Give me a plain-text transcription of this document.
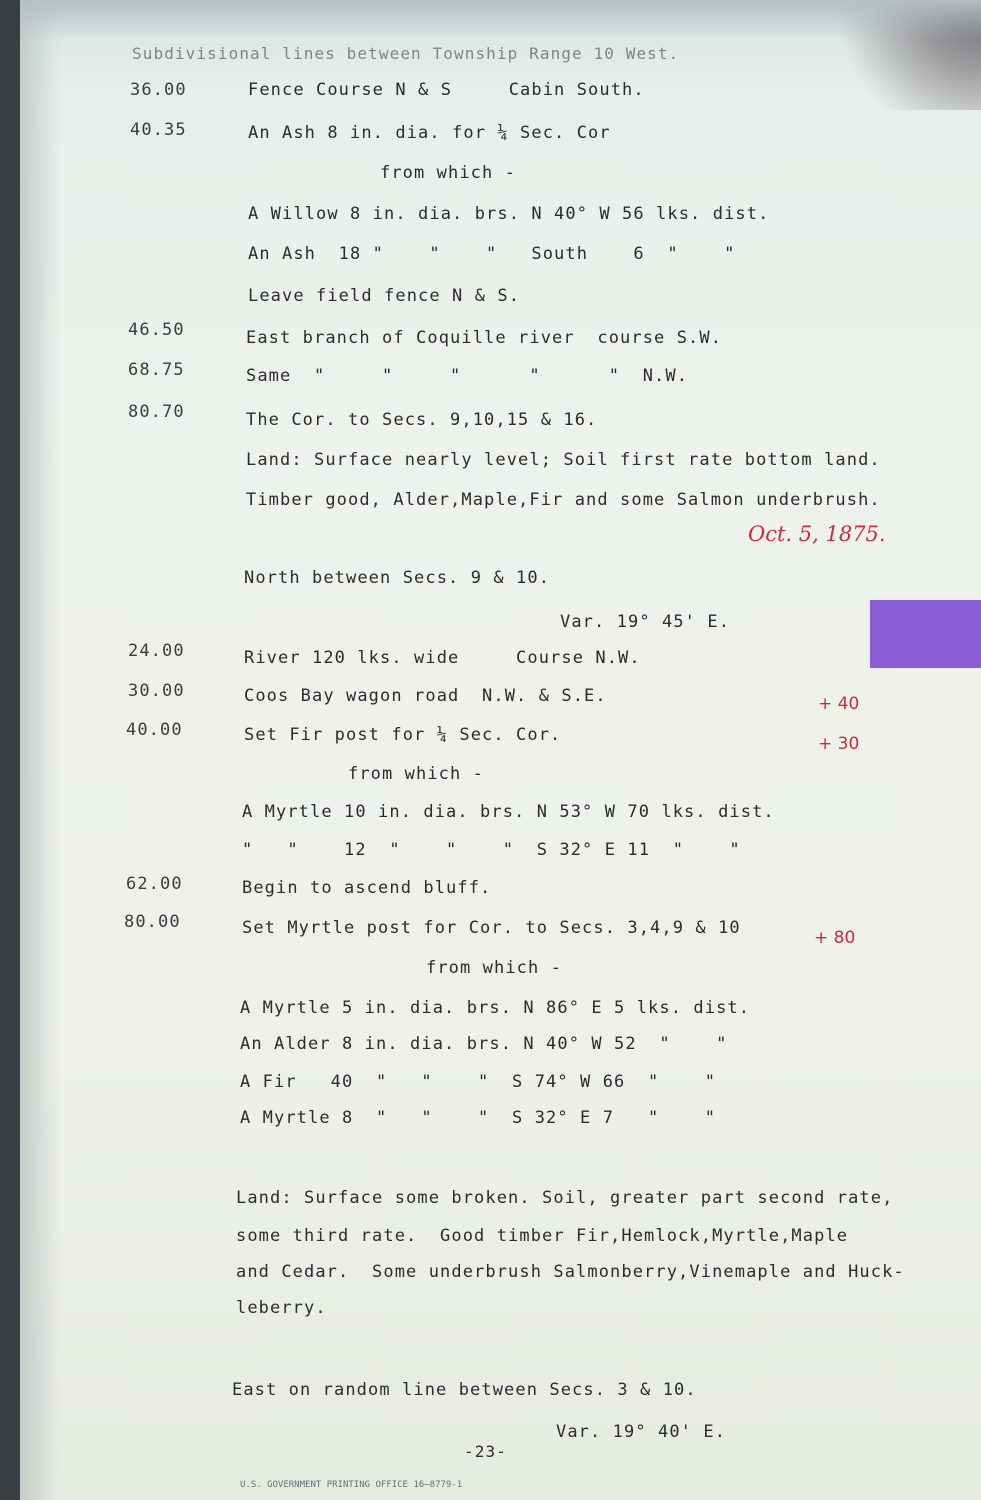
Subdivisional lines between Township Range 10 West.
36.00	Fence Course N & S     Cabin South.
40.35	An Ash 8 in. dia. for ¼ Sec. Cor
from which -
A Willow 8 in. dia. brs. N 40° W 56 lks. dist.
An Ash  18 "    "    "   South    6  "    "
Leave field fence N & S.
46.50	East branch of Coquille river  course S.W.
68.75	Same  "     "     "      "      "  N.W.
80.70	The Cor. to Secs. 9,10,15 & 16.
Land: Surface nearly level; Soil first rate bottom land.
Timber good, Alder,Maple,Fir and some Salmon underbrush.
Oct. 5, 1875.
North between Secs. 9 & 10.
Var. 19° 45' E.
24.00	River 120 lks. wide     Course N.W.
30.00	Coos Bay wagon road  N.W. & S.E.	+ 40
40.00	Set Fir post for ¼ Sec. Cor.	+ 30
from which -
A Myrtle 10 in. dia. brs. N 53° W 70 lks. dist.
"   "    12  "    "    "  S 32° E 11  "    "
62.00	Begin to ascend bluff.
80.00	Set Myrtle post for Cor. to Secs. 3,4,9 & 10	+ 80
from which -
A Myrtle 5 in. dia. brs. N 86° E 5 lks. dist.
An Alder 8 in. dia. brs. N 40° W 52  "    "
A Fir   40  "   "    "  S 74° W 66  "    "
A Myrtle 8  "   "    "  S 32° E 7   "    "
Land: Surface some broken. Soil, greater part second rate,
some third rate.  Good timber Fir,Hemlock,Myrtle,Maple
and Cedar.  Some underbrush Salmonberry,Vinemaple and Huck-
leberry.
East on random line between Secs. 3 & 10.
Var. 19° 40' E.
-23-
U.S. GOVERNMENT PRINTING OFFICE 16—8779-1
